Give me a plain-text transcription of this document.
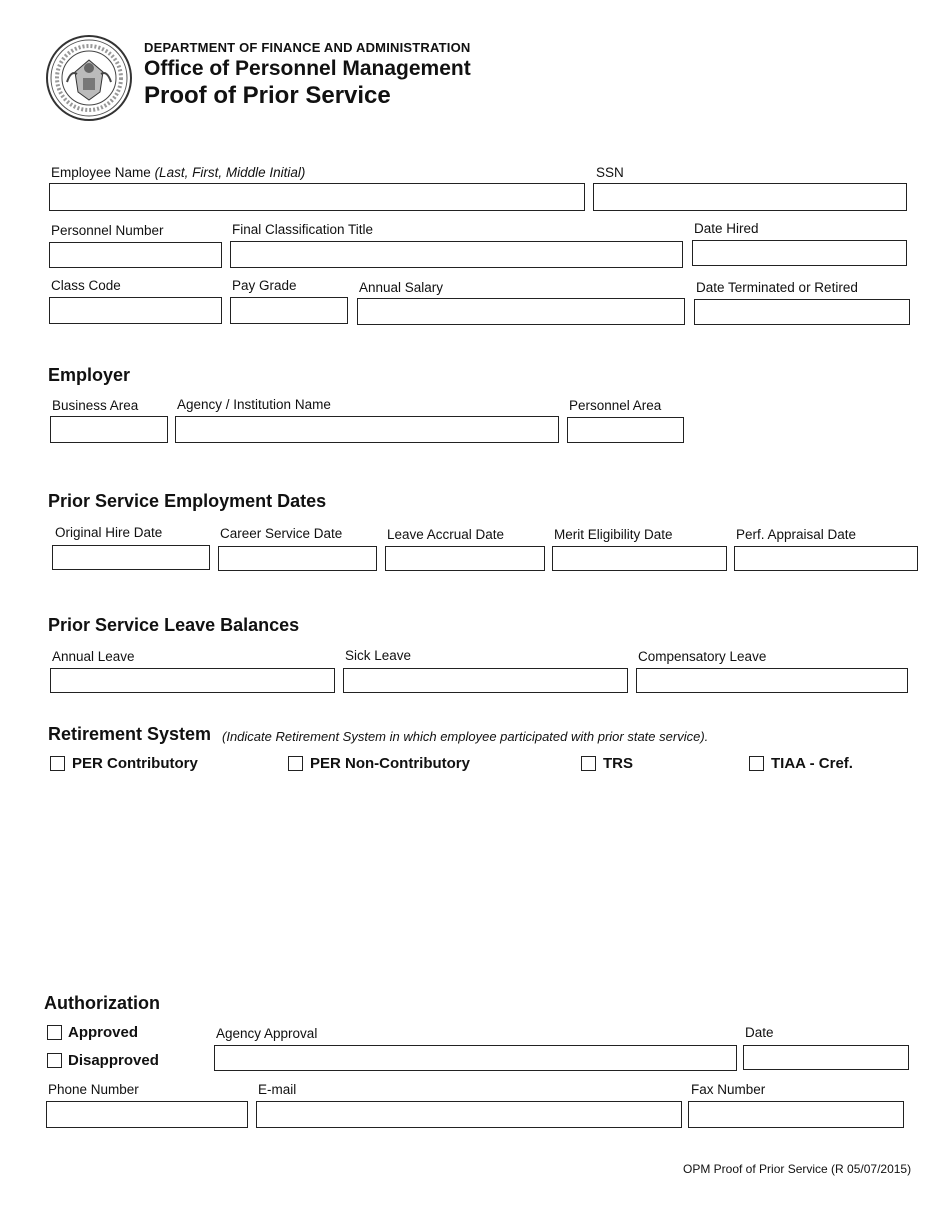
DEPARTMENT OF FINANCE AND ADMINISTRATION
Office of Personnel Management
Proof of Prior Service
Employee Name (Last, First, Middle Initial)	SSN
Personnel Number	Final Classification Title	Date Hired
Class Code	Pay Grade	Annual Salary	Date Terminated or Retired
Employer
Business Area	Agency / Institution Name	Personnel Area
Prior Service Employment Dates
Original Hire Date	Career Service Date	Leave Accrual Date	Merit Eligibility Date	Perf. Appraisal Date
Prior Service Leave Balances
Annual Leave	Sick Leave	Compensatory Leave
Retirement System (Indicate Retirement System in which employee participated with prior state service).
PER Contributory	PER Non-Contributory	TRS	TIAA - Cref.
Authorization
Approved
Disapproved
Agency Approval	Date
Phone Number	E-mail	Fax Number
OPM Proof of Prior Service (R 05/07/2015)
